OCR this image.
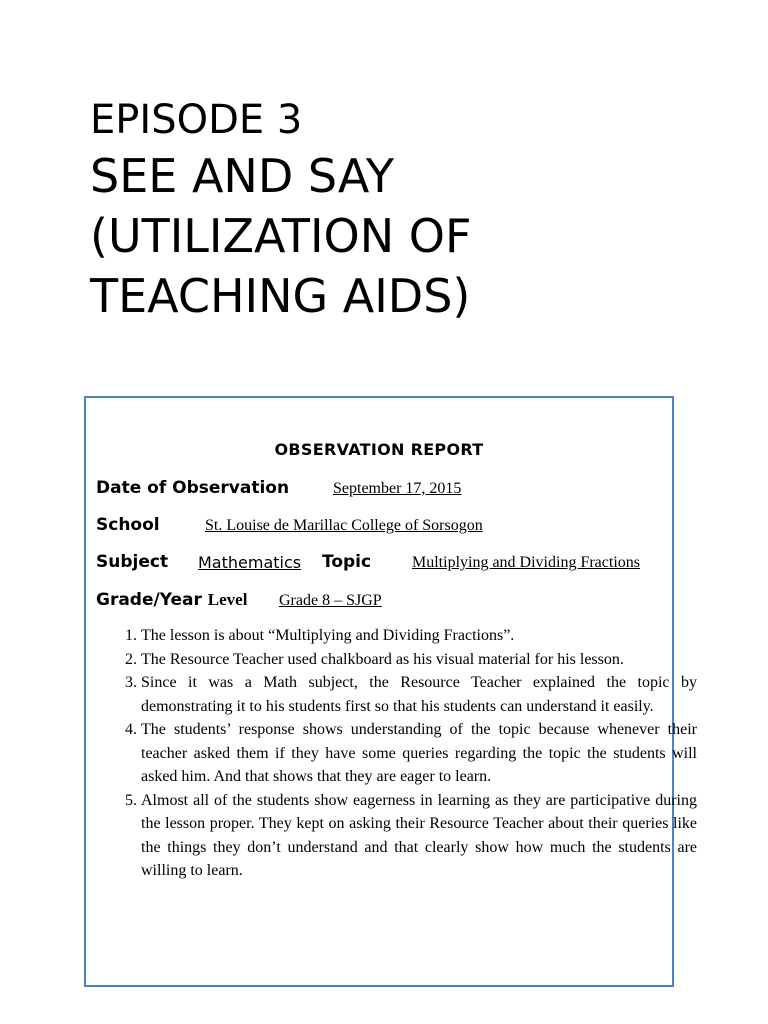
EPISODE 3
SEE AND SAY
(UTILIZATION OF
TEACHING AIDS)
OBSERVATION REPORT
Date of Observation	September 17, 2015
School	St. Louise de Marillac College of Sorsogon
Subject Mathematics Topic	Multiplying and Dividing Fractions
Grade/Year Level Grade 8 – SJGP
1. The lesson is about “Multiplying and Dividing Fractions”.
2. The Resource Teacher used chalkboard as his visual material for his lesson.
3. Since it was a Math subject, the Resource Teacher explained the topic by demonstrating it to his students first so that his students can understand it easily.
4. The students’ response shows understanding of the topic because whenever their teacher asked them if they have some queries regarding the topic the students will asked him. And that shows that they are eager to learn.
5. Almost all of the students show eagerness in learning as they are participative during the lesson proper. They kept on asking their Resource Teacher about their queries like the things they don’t understand and that clearly show how much the students are willing to learn.
